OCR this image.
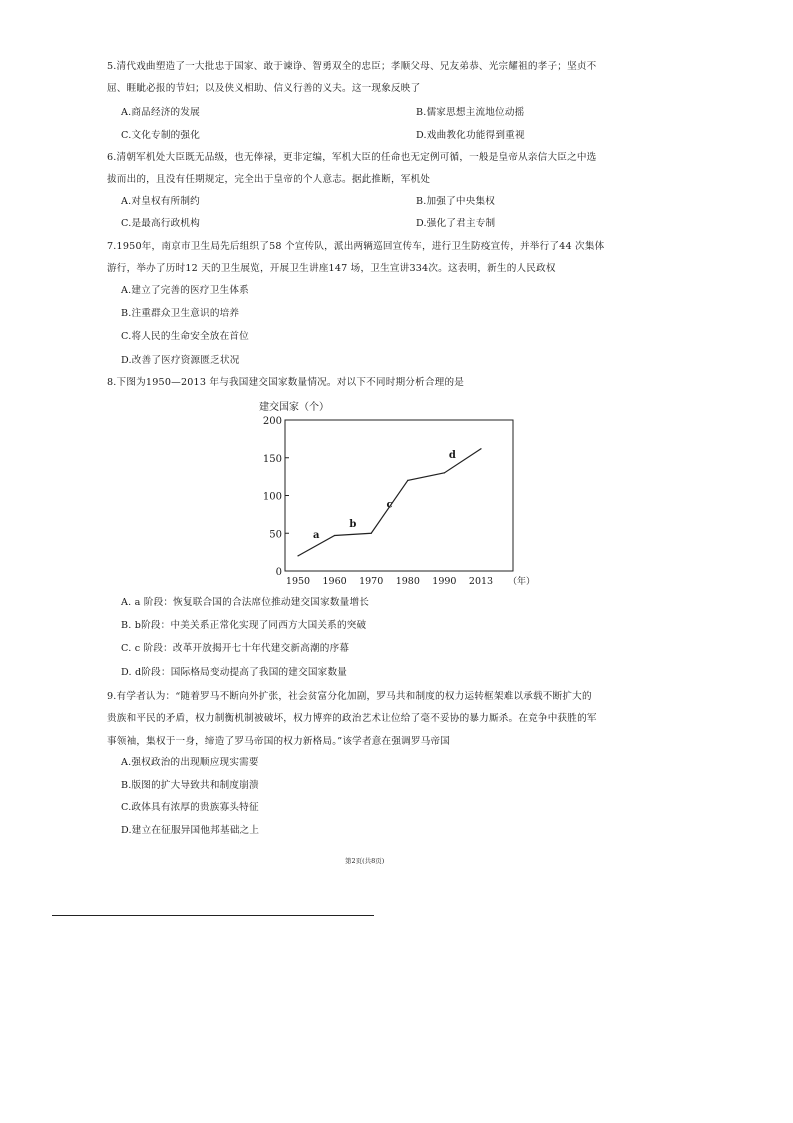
5.清代戏曲塑造了一大批忠于国家、敢于谏诤、智勇双全的忠臣；孝顺父母、兄友弟恭、光宗耀祖的孝子；坚贞不
屈、睚眦必报的节妇；以及侠义相助、信义行善的义夫。这一现象反映了
A.商品经济的发展	B.儒家思想主流地位动摇
C.文化专制的强化	D.戏曲教化功能得到重视
6.清朝军机处大臣既无品级，也无俸禄，更非定编，军机大臣的任命也无定例可循，一般是皇帝从亲信大臣之中选
拔而出的，且没有任期规定，完全出于皇帝的个人意志。据此推断，军机处
A.对皇权有所制约	B.加强了中央集权
C.是最高行政机构	D.强化了君主专制
7.1950年，南京市卫生局先后组织了58 个宣传队，派出两辆巡回宣传车，进行卫生防疫宣传，并举行了44 次集体
游行，举办了历时12 天的卫生展览，开展卫生讲座147 场，卫生宣讲334次。这表明，新生的人民政权
A.建立了完善的医疗卫生体系
B.注重群众卫生意识的培养
C.将人民的生命安全放在首位
D.改善了医疗资源匮乏状况
8.下图为1950—2013 年与我国建交国家数量情况。对以下不同时期分析合理的是
建交国家（个）
0
50
100
150
200
1950 1960 1970 1980 1990 2013 （年）
a
b
c
d
A. a 阶段：恢复联合国的合法席位推动建交国家数量增长
B. b阶段：中美关系正常化实现了同西方大国关系的突破
C. c 阶段：改革开放揭开七十年代建交新高潮的序幕
D. d阶段：国际格局变动提高了我国的建交国家数量
9.有学者认为：“随着罗马不断向外扩张，社会贫富分化加剧，罗马共和制度的权力运转框架难以承载不断扩大的
贵族和平民的矛盾，权力制衡机制被破坏，权力博弈的政治艺术让位给了毫不妥协的暴力厮杀。在竞争中获胜的军
事领袖，集权于一身，缔造了罗马帝国的权力新格局。”该学者意在强调罗马帝国
A.强权政治的出现顺应现实需要
B.版图的扩大导致共和制度崩溃
C.政体具有浓厚的贵族寡头特征
D.建立在征服异国他邦基础之上
第2页(共8页)
